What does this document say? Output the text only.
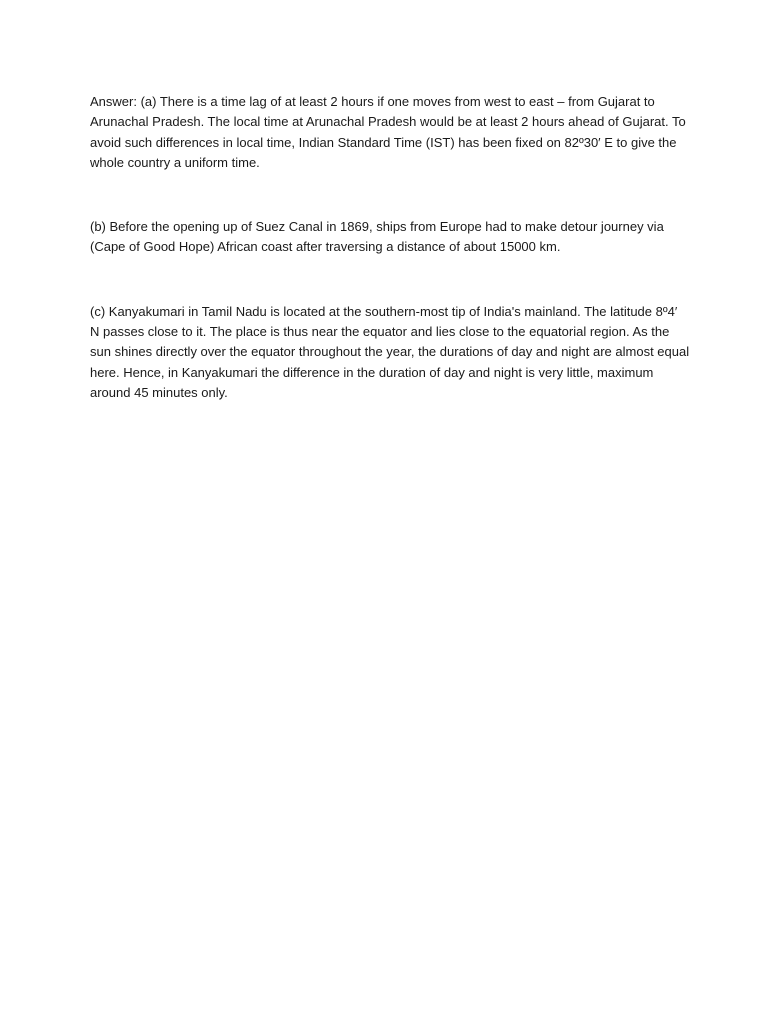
Answer: (a) There is a time lag of at least 2 hours if one moves from west to east – from Gujarat to Arunachal Pradesh. The local time at Arunachal Pradesh would be at least 2 hours ahead of Gujarat. To avoid such differences in local time, Indian Standard Time (IST) has been fixed on 82º30′ E to give the whole country a uniform time.

(b) Before the opening up of Suez Canal in 1869, ships from Europe had to make detour journey via (Cape of Good Hope) African coast after traversing a distance of about 15000 km.

(c) Kanyakumari in Tamil Nadu is located at the southern-most tip of India's mainland. The latitude 8º4′ N passes close to it. The place is thus near the equator and lies close to the equatorial region. As the sun shines directly over the equator throughout the year, the durations of day and night are almost equal here. Hence, in Kanyakumari the difference in the duration of day and night is very little, maximum around 45 minutes only.
